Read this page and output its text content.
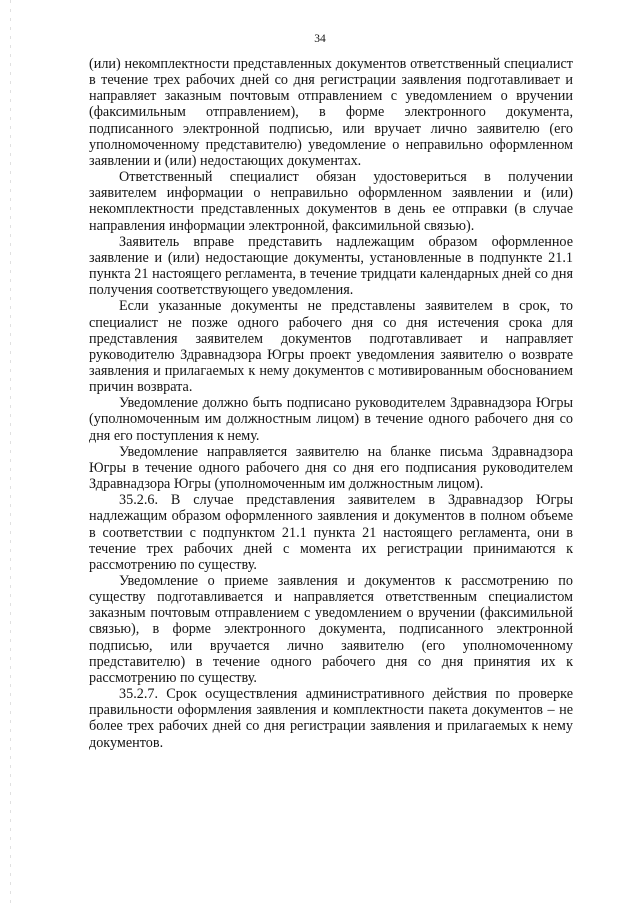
34

(или) некомплектности представленных документов ответственный специалист в течение трех рабочих дней со дня регистрации заявления подготавливает и направляет заказным почтовым отправлением с уведомлением о вручении (факсимильным отправлением), в форме электронного документа, подписанного электронной подписью, или вручает лично заявителю (его уполномоченному представителю) уведомление о неправильно оформленном заявлении и (или) недостающих документах.

Ответственный специалист обязан удостовериться в получении заявителем информации о неправильно оформленном заявлении и (или) некомплектности представленных документов в день ее отправки (в случае направления информации электронной, факсимильной связью).

Заявитель вправе представить надлежащим образом оформленное заявление и (или) недостающие документы, установленные в подпункте 21.1 пункта 21 настоящего регламента, в течение тридцати календарных дней со дня получения соответствующего уведомления.

Если указанные документы не представлены заявителем в срок, то специалист не позже одного рабочего дня со дня истечения срока для представления заявителем документов подготавливает и направляет руководителю Здравнадзора Югры проект уведомления заявителю о возврате заявления и прилагаемых к нему документов с мотивированным обоснованием причин возврата.

Уведомление должно быть подписано руководителем Здравнадзора Югры (уполномоченным им должностным лицом) в течение одного рабочего дня со дня его поступления к нему.

Уведомление направляется заявителю на бланке письма Здравнадзора Югры в течение одного рабочего дня со дня его подписания руководителем Здравнадзора Югры (уполномоченным им должностным лицом).

35.2.6. В случае представления заявителем в Здравнадзор Югры надлежащим образом оформленного заявления и документов в полном объеме в соответствии с подпунктом 21.1 пункта 21 настоящего регламента, они в течение трех рабочих дней с момента их регистрации принимаются к рассмотрению по существу.

Уведомление о приеме заявления и документов к рассмотрению по существу подготавливается и направляется ответственным специалистом заказным почтовым отправлением с уведомлением о вручении (факсимильной связью), в форме электронного документа, подписанного электронной подписью, или вручается лично заявителю (его уполномоченному представителю) в течение одного рабочего дня со дня принятия их к рассмотрению по существу.

35.2.7. Срок осуществления административного действия по проверке правильности оформления заявления и комплектности пакета документов – не более трех рабочих дней со дня регистрации заявления и прилагаемых к нему документов.
